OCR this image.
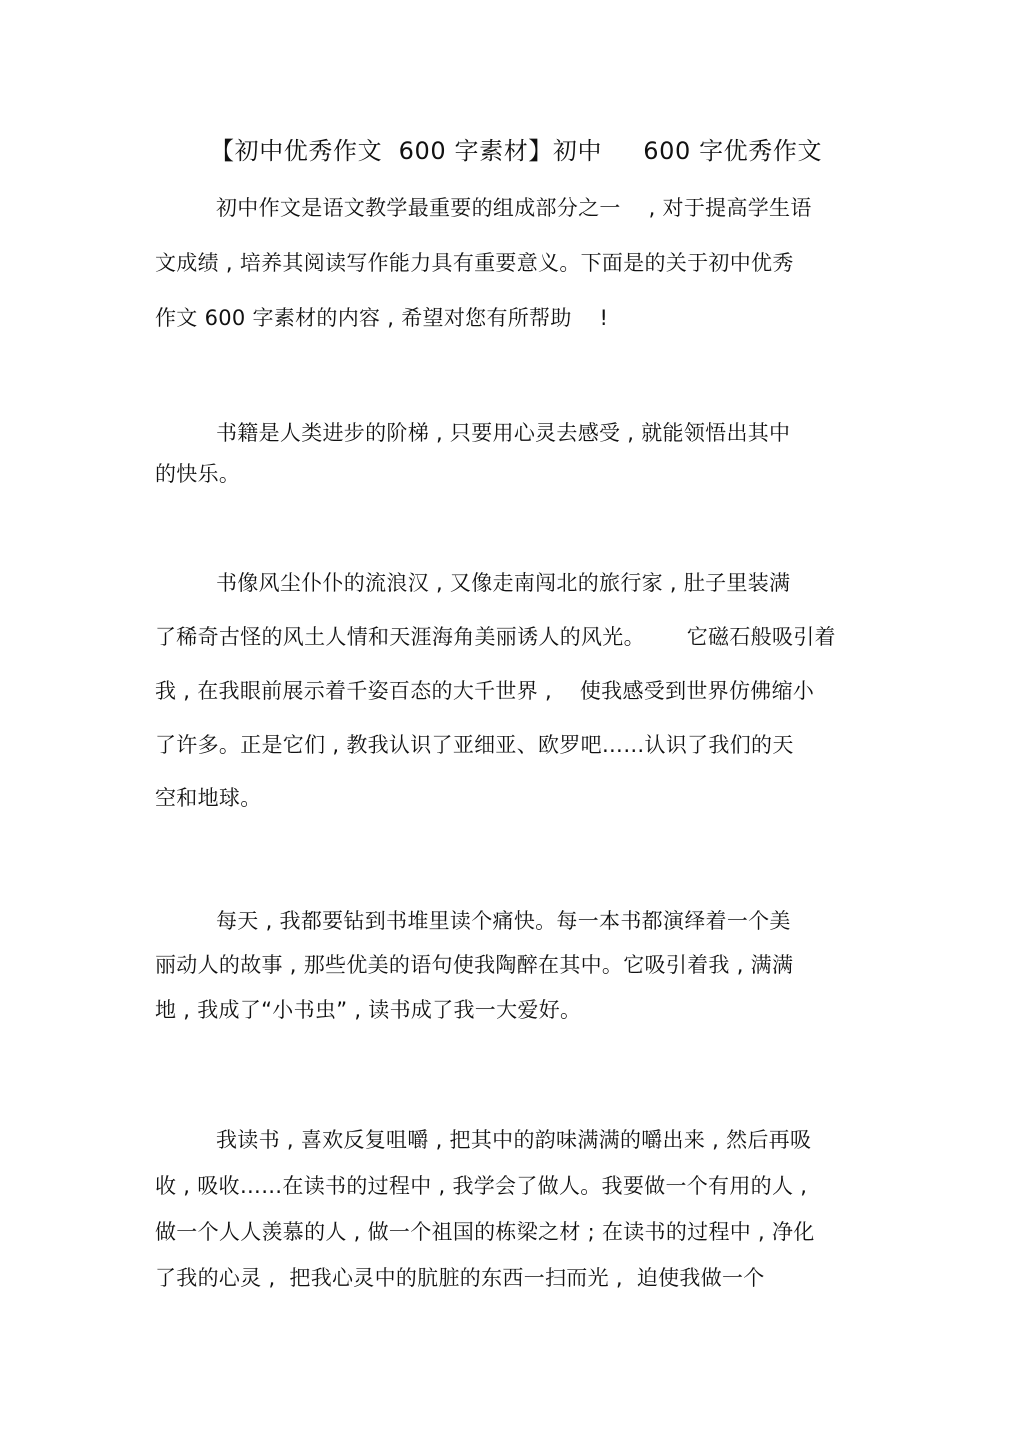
【初中优秀作文  600 字素材】初中     600 字优秀作文
初中作文是语文教学最重要的组成部分之一    , 对于提高学生语
文成绩 , 培养其阅读写作能力具有重要意义。下面是的关于初中优秀
作文 600 字素材的内容 , 希望对您有所帮助    !
书籍是人类进步的阶梯 , 只要用心灵去感受 , 就能领悟出其中
的快乐。
书像风尘仆仆的流浪汉 , 又像走南闯北的旅行家 , 肚子里装满
了稀奇古怪的风土人情和天涯海角美丽诱人的风光。      它磁石般吸引着
我 , 在我眼前展示着千姿百态的大千世界 ,    使我感受到世界仿佛缩小
了许多。正是它们 , 教我认识了亚细亚、欧罗吧……认识了我们的天
空和地球。
每天 , 我都要钻到书堆里读个痛快。每一本书都演绎着一个美
丽动人的故事 , 那些优美的语句使我陶醉在其中。它吸引着我 , 满满
地 , 我成了“小书虫” , 读书成了我一大爱好。
我读书 , 喜欢反复咀嚼 , 把其中的韵味满满的嚼出来 , 然后再吸
收 , 吸收……在读书的过程中 , 我学会了做人。我要做一个有用的人 ,
做一个人人羡慕的人 , 做一个祖国的栋梁之材 ; 在读书的过程中 , 净化
了我的心灵 ,  把我心灵中的肮脏的东西一扫而光 ,  迫使我做一个
